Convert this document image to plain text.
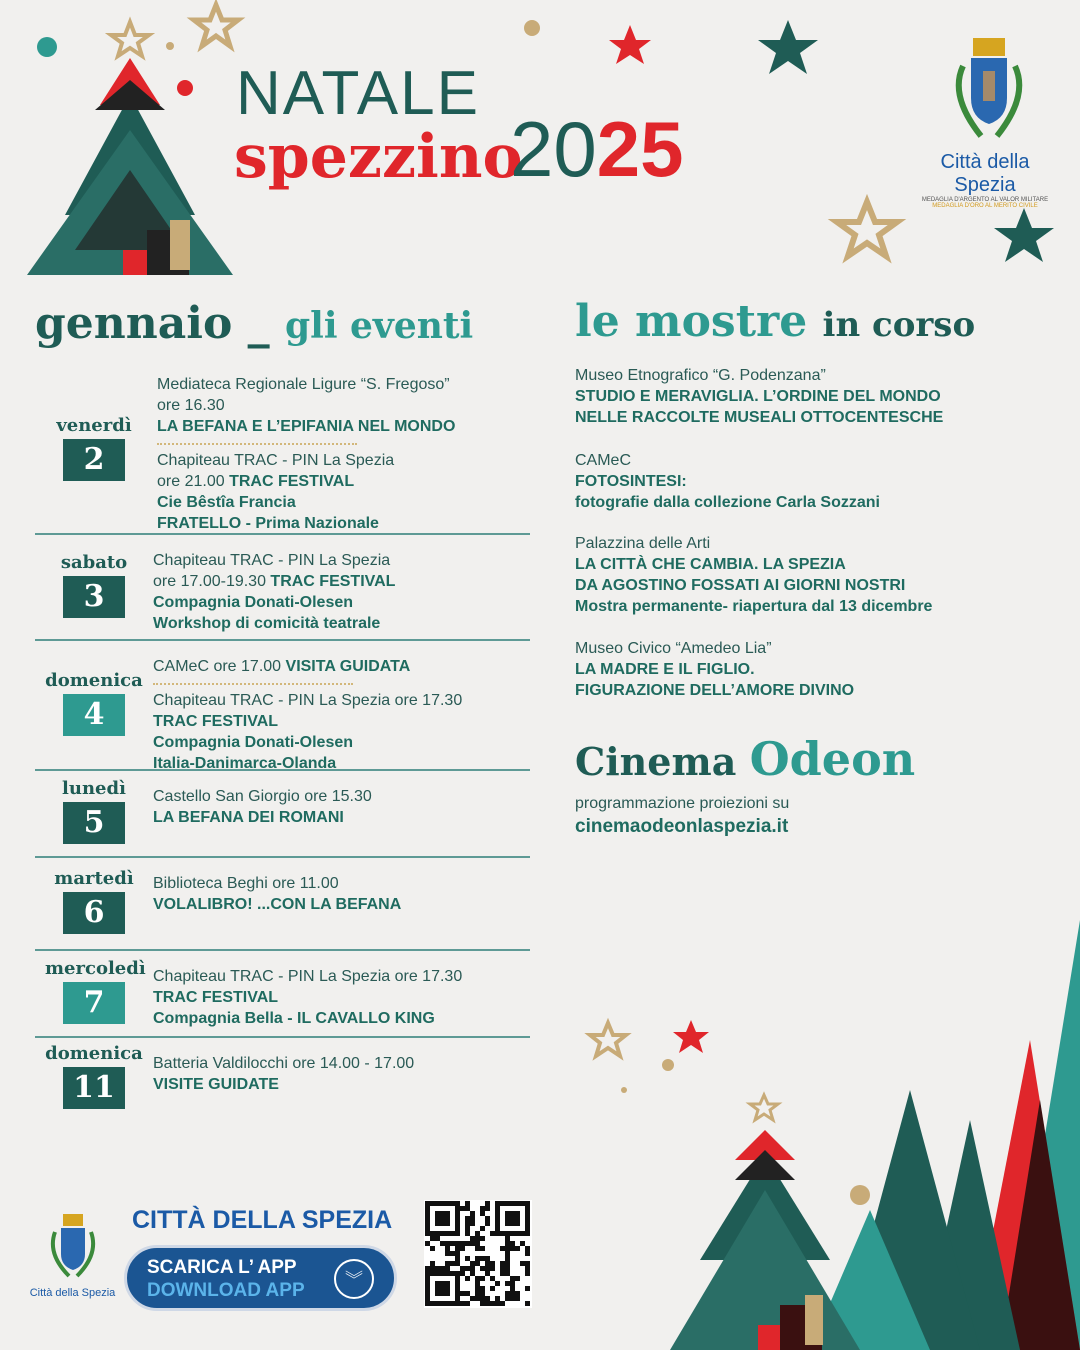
NATALE
spezzino
2025	Città della Spezia
MEDAGLIA D'ARGENTO AL VALOR MILITARE
MEDAGLIA D'ORO AL MERITO CIVILE
gennaio _ gli eventi
venerdì
2
Mediateca Regionale Ligure “S. Fregoso”
ore 16.30
LA BEFANA E L’EPIFANIA NEL MONDO
Chapiteau TRAC - PIN La Spezia
ore 21.00 TRAC FESTIVAL
Cie Bêstîa Francia
FRATELLO - Prima Nazionale
sabato
3
Chapiteau TRAC - PIN La Spezia
ore 17.00-19.30 TRAC FESTIVAL
Compagnia Donati-Olesen
Workshop di comicità teatrale
domenica
4
CAMeC ore 17.00 VISITA GUIDATA
Chapiteau TRAC - PIN La Spezia ore 17.30
TRAC FESTIVAL
Compagnia Donati-Olesen
Italia-Danimarca-Olanda
lunedì
5
Castello San Giorgio ore 15.30
LA BEFANA DEI ROMANI
martedì
6
Biblioteca Beghi ore 11.00
VOLALIBRO! ...CON LA BEFANA
mercoledì
7
Chapiteau TRAC - PIN La Spezia ore 17.30
TRAC FESTIVAL
Compagnia Bella - IL CAVALLO KING
domenica
11
Batteria Valdilocchi ore 14.00 - 17.00
VISITE GUIDATE
le mostre in corso
Museo Etnografico “G. Podenzana”
STUDIO E MERAVIGLIA. L’ORDINE DEL MONDO
NELLE RACCOLTE MUSEALI OTTOCENTESCHE
CAMeC
FOTOSINTESI:
fotografie dalla collezione Carla Sozzani
Palazzina delle Arti
LA CITTÀ CHE CAMBIA. LA SPEZIA
DA AGOSTINO FOSSATI AI GIORNI NOSTRI
Mostra permanente- riapertura dal 13 dicembre
Museo Civico “Amedeo Lia”
LA MADRE E IL FIGLIO.
FIGURAZIONE DELL’AMORE DIVINO
Cinema Odeon
programmazione proiezioni su
cinemaodeonlaspezia.it
Città della Spezia
CITTÀ DELLA SPEZIA
SCARICA L’ APP
DOWNLOAD APP	︾
